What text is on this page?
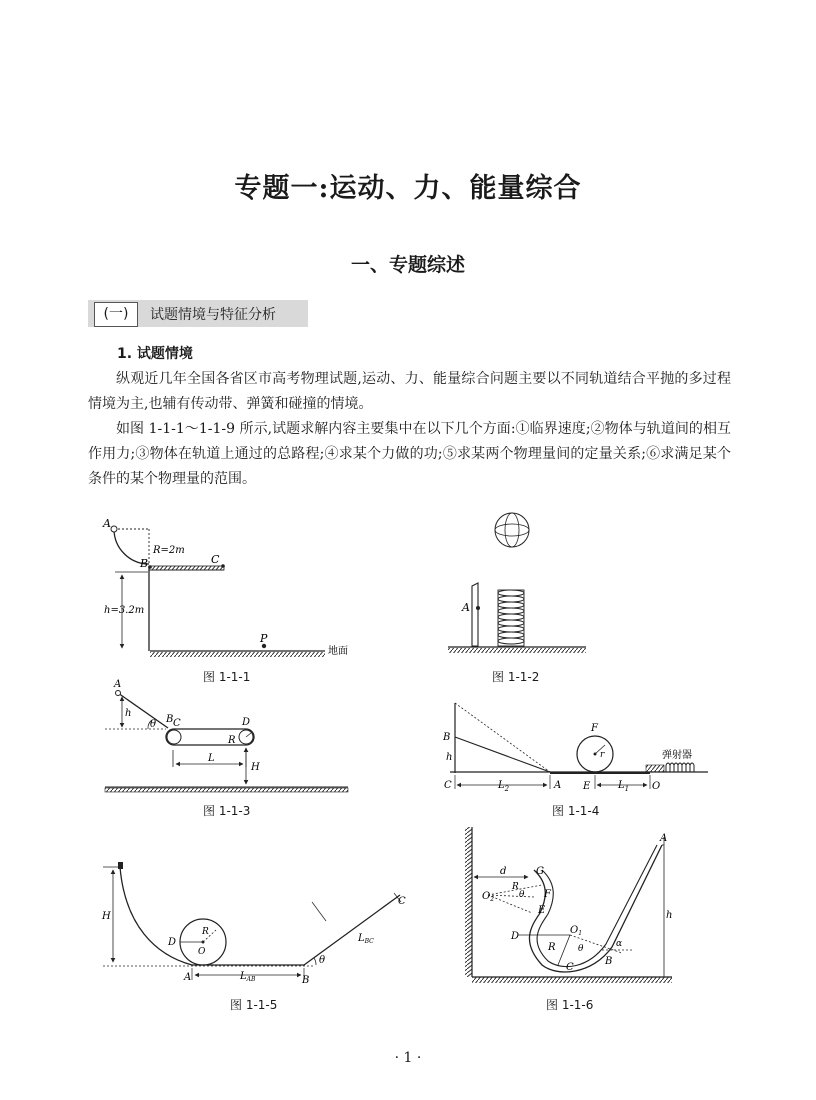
专题一:运动、力、能量综合
一、专题综述
(一)	试题情境与特征分析
1. 试题情境
纵观近几年全国各省区市高考物理试题,运动、力、能量综合问题主要以不同轨道结合平抛的多过程情境为主,也辅有传动带、弹簧和碰撞的情境。
如图 1-1-1～1-1-9 所示,试题求解内容主要集中在以下几个方面:①临界速度;②物体与轨道间的相互作用力;③物体在轨道上通过的总路程;④求某个力做的功;⑤求某两个物理量间的定量关系;⑥求满足某个条件的某个物理量的范围。
A
B	C
P
R=2m
h=3.2m
地面
图 1-1-1
A
图 1-1-2
A
h
θ B C	D
R
L
H
图 1-1-3
B
h
C	$L_2$	A
F
r
E	$L_1$ O
弹射器
图 1-1-4
H
D
R
O
A	$L_{AB}$	B
θ
$L_{BC}$
C
图 1-1-5
d	G
$O_2$
R
θ F
E
$O_1$
D
R θ
C
B
α
A
h
图 1-1-6
· 1 ·
